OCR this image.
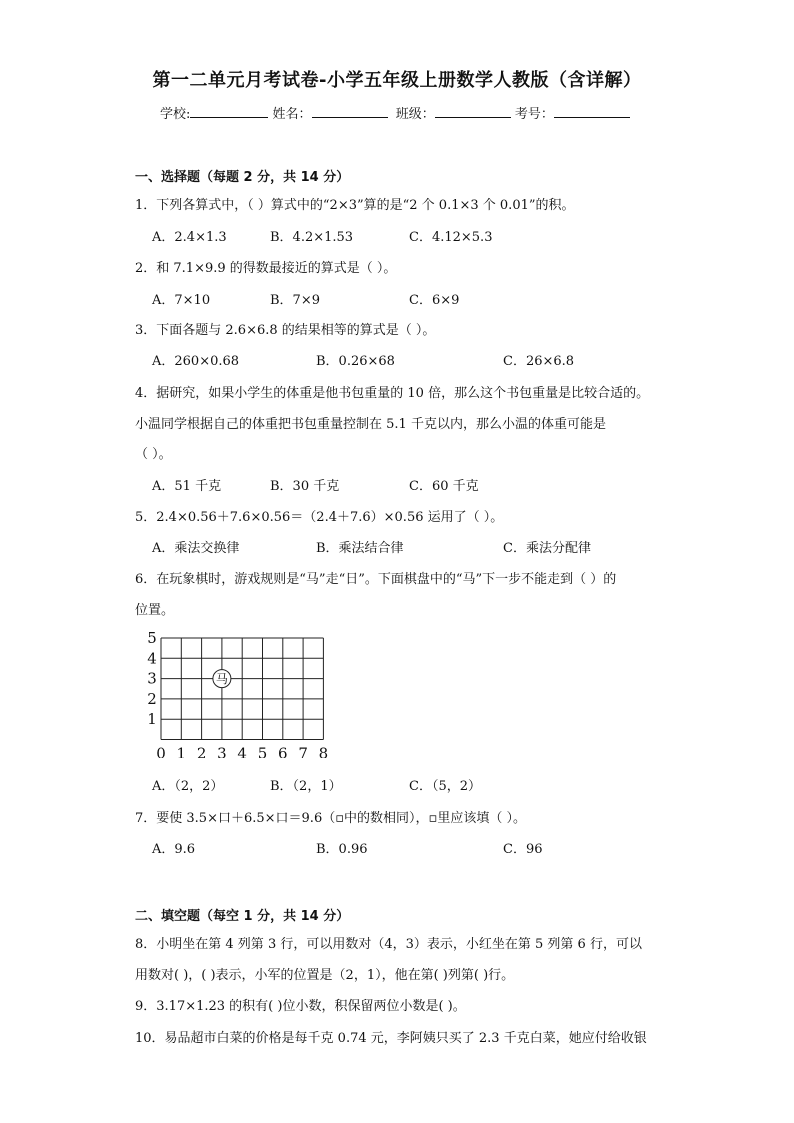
第一二单元月考试卷-小学五年级上册数学人教版（含详解）
学校:	姓名：	班级：	考号：
一、选择题（每题 2 分，共 14 分）
1．下列各算式中，（ ）算式中的“2×3”算的是“2 个 0.1×3 个 0.01”的积。
A．2.4×1.3	B．4.2×1.53	C．4.12×5.3
2．和 7.1×9.9 的得数最接近的算式是（ ）。
A．7×10	B．7×9	C．6×9
3．下面各题与 2.6×6.8 的结果相等的算式是（ ）。
A．260×0.68	B．0.26×68	C．26×6.8
4．据研究，如果小学生的体重是他书包重量的 10 倍，那么这个书包重量是比较合适的。
小温同学根据自己的体重把书包重量控制在 5.1 千克以内，那么小温的体重可能是
（ ）。
A．51 千克	B．30 千克	C．60 千克
5．2.4×0.56＋7.6×0.56＝（2.4＋7.6）×0.56 运用了（ ）。
A．乘法交换律	B．乘法结合律	C．乘法分配律
6．在玩象棋时，游戏规则是“马”走“日”。下面棋盘中的“马”下一步不能走到（ ）的
位置。
0 1 2 3 4 5 6 7 8
1
2
3
4
5
马
A．（2，2）	B．（2，1）	C．（5，2）
7．要使 3.5×口＋6.5×口＝9.6（▫中的数相同），▫里应该填（ ）。
A．9.6	B．0.96	C．96
二、填空题（每空 1 分，共 14 分）
8．小明坐在第 4 列第 3 行，可以用数对（4，3）表示，小红坐在第 5 列第 6 行，可以
用数对( )，( )表示，小军的位置是（2，1），他在第( )列第( )行。
9．3.17×1.23 的积有( )位小数，积保留两位小数是( )。
10．易品超市白菜的价格是每千克 0.74 元，李阿姨只买了 2.3 千克白菜，她应付给收银
